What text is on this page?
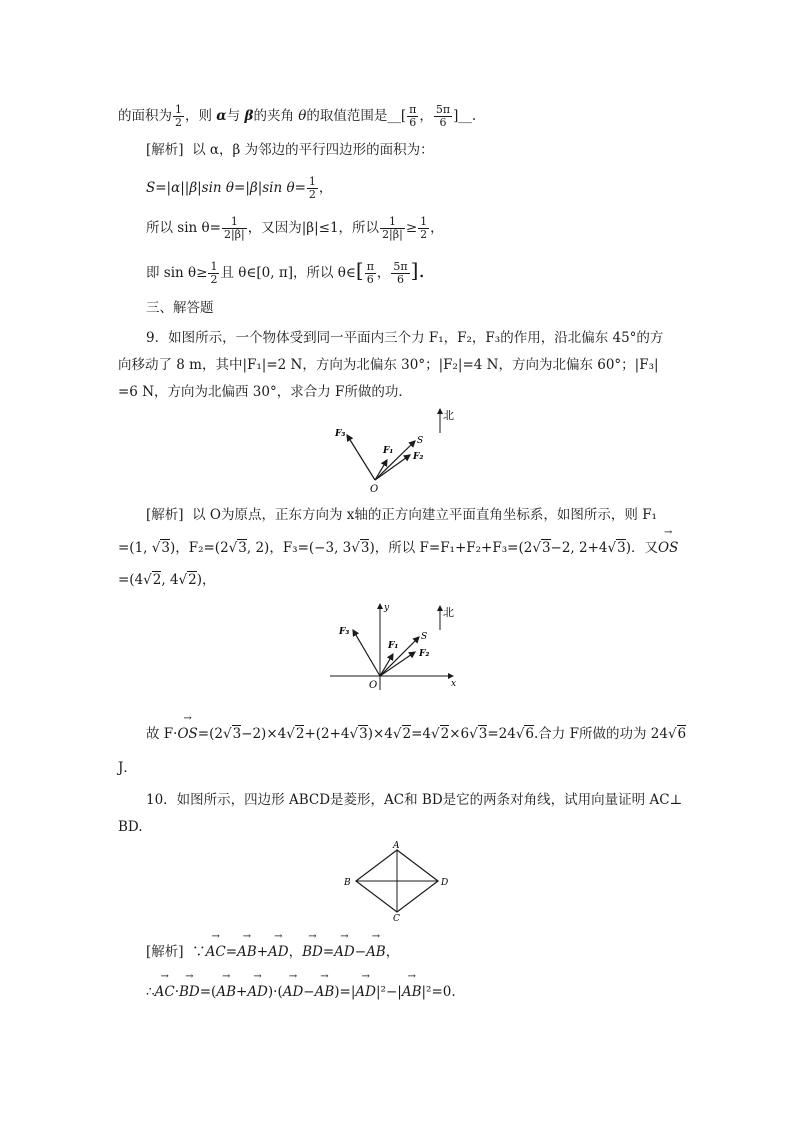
的面积为 $\frac{1}{2}$ ，则 α与 β的夹角 θ的取值范围是__[ $\frac{\pi}{6}$ ， $\frac{5\pi}{6}$ ]__.
[解析] 以 α，β 为邻边的平行四边形的面积为：
S=|α||β|sin θ=|β|sin $\theta= \frac{1}{2}$ ，
所以 $\sin \theta= \frac{1}{2|\beta|}$ ，又因为|β|≤1，所以 $\frac{1}{2|\beta|} \ge \frac{1}{2}$ ，
即 $\sin \theta\ge \frac{1}{2}$ 且 θ∈[0, π]，所以 θ∈[ $\frac{\pi}{6}$ ， $\frac{5\pi}{6}$ ].
三、解答题
9．如图所示，一个物体受到同一平面内三个力 F₁，F₂，F₃的作用，沿北偏东 45°的方
向移动了 8 m，其中|F₁|=2 N，方向为北偏东 30°；|F₂|=4 N，方向为北偏东 60°；|F₃|
=6 N，方向为北偏西 30°，求合力 F所做的功．
北
F₃
F₁
S
F₂
O
[解析] 以 O为原点，正东方向为 x轴的正方向建立平面直角坐标系，如图所示，则 F₁
=(1, √3)，F₂=(2√3, 2)，F₃=(−3, 3√3)，所以 F=F₁+F₂+F₃=(2√3−2, 2+4√3)．又→ OS
=(4√2, 4√2)，
y
x
北
F₃
F₁
S
F₂
O
故 F·→ OS=(2√3−2)×4√2+(2+4√3)×4√2=4√2×6√3=24√6.合力 F所做的功为 24√6
J．
10．如图所示，四边形 ABCD是菱形，AC和 BD是它的两条对角线，试用向量证明 AC⊥
BD.
A
B
C
D
[解析] ∵→ AC=→ AB+→ AD，→ BD=→ AD−→ AB，
∴→ AC·→ BD=(→ AB+→ AD)·(→ AD−→ AB)=|→ AD|²−|→ AB|²=0.
